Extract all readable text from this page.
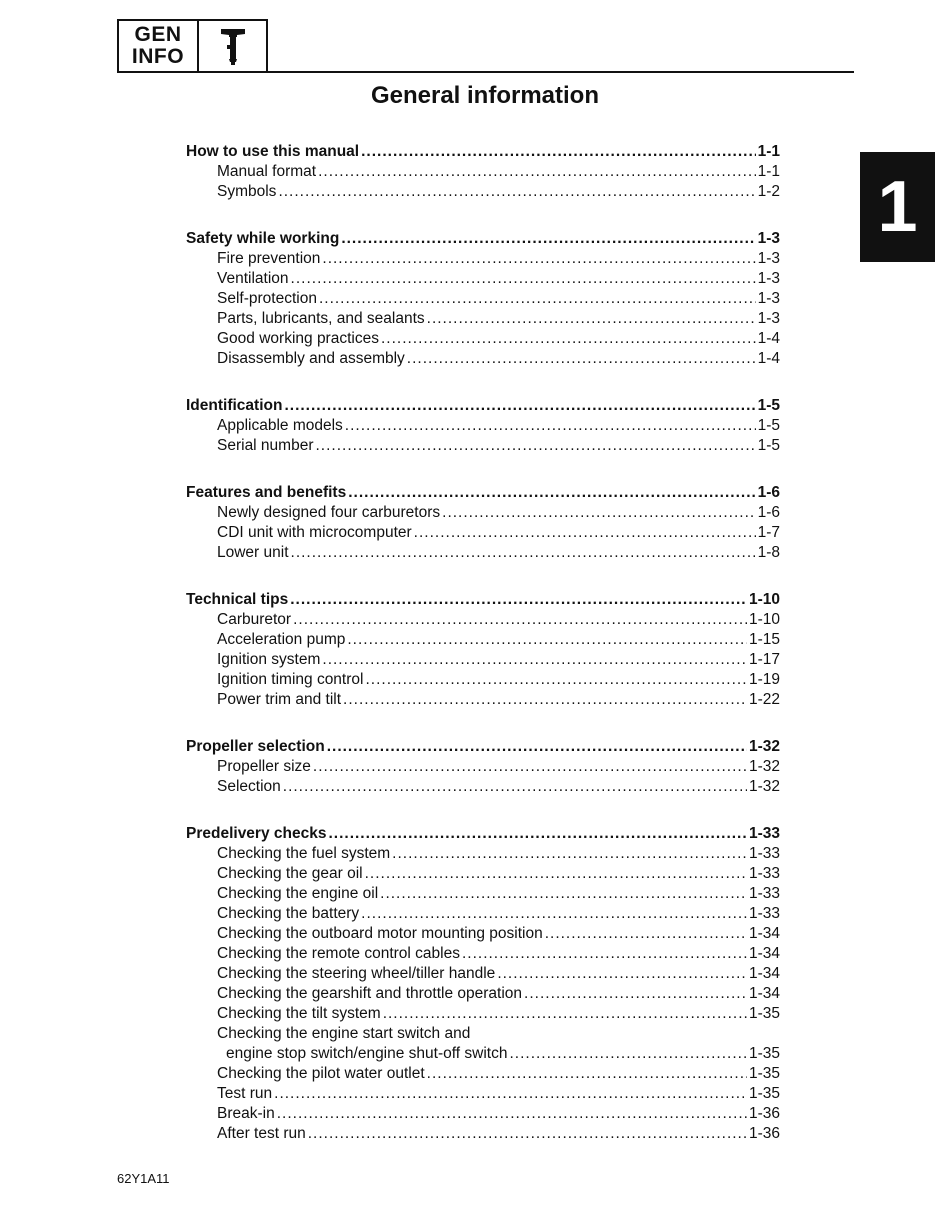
GEN
INFO
General information
1
How to use this manual .....	1-1
Manual format .....	1-1
Symbols .....	1-2
Safety while working .....	1-3
Fire prevention .....	1-3
Ventilation .....	1-3
Self-protection .....	1-3
Parts, lubricants, and sealants .....	1-3
Good working practices .....	1-4
Disassembly and assembly .....	1-4
Identification .....	1-5
Applicable models .....	1-5
Serial number .....	1-5
Features and benefits .....	1-6
Newly designed four carburetors .....	1-6
CDI unit with microcomputer .....	1-7
Lower unit .....	1-8
Technical tips .....	1-10
Carburetor .....	1-10
Acceleration pump .....	1-15
Ignition system .....	1-17
Ignition timing control .....	1-19
Power trim and tilt .....	1-22
Propeller selection .....	1-32
Propeller size .....	1-32
Selection .....	1-32
Predelivery checks .....	1-33
Checking the fuel system .....	1-33
Checking the gear oil .....	1-33
Checking the engine oil .....	1-33
Checking the battery .....	1-33
Checking the outboard motor mounting position .....	1-34
Checking the remote control cables .....	1-34
Checking the steering wheel/tiller handle .....	1-34
Checking the gearshift and throttle operation .....	1-34
Checking the tilt system .....	1-35
Checking the engine start switch and
engine stop switch/engine shut-off switch .....	1-35
Checking the pilot water outlet .....	1-35
Test run .....	1-35
Break-in .....	1-36
After test run .....	1-36
62Y1A11
